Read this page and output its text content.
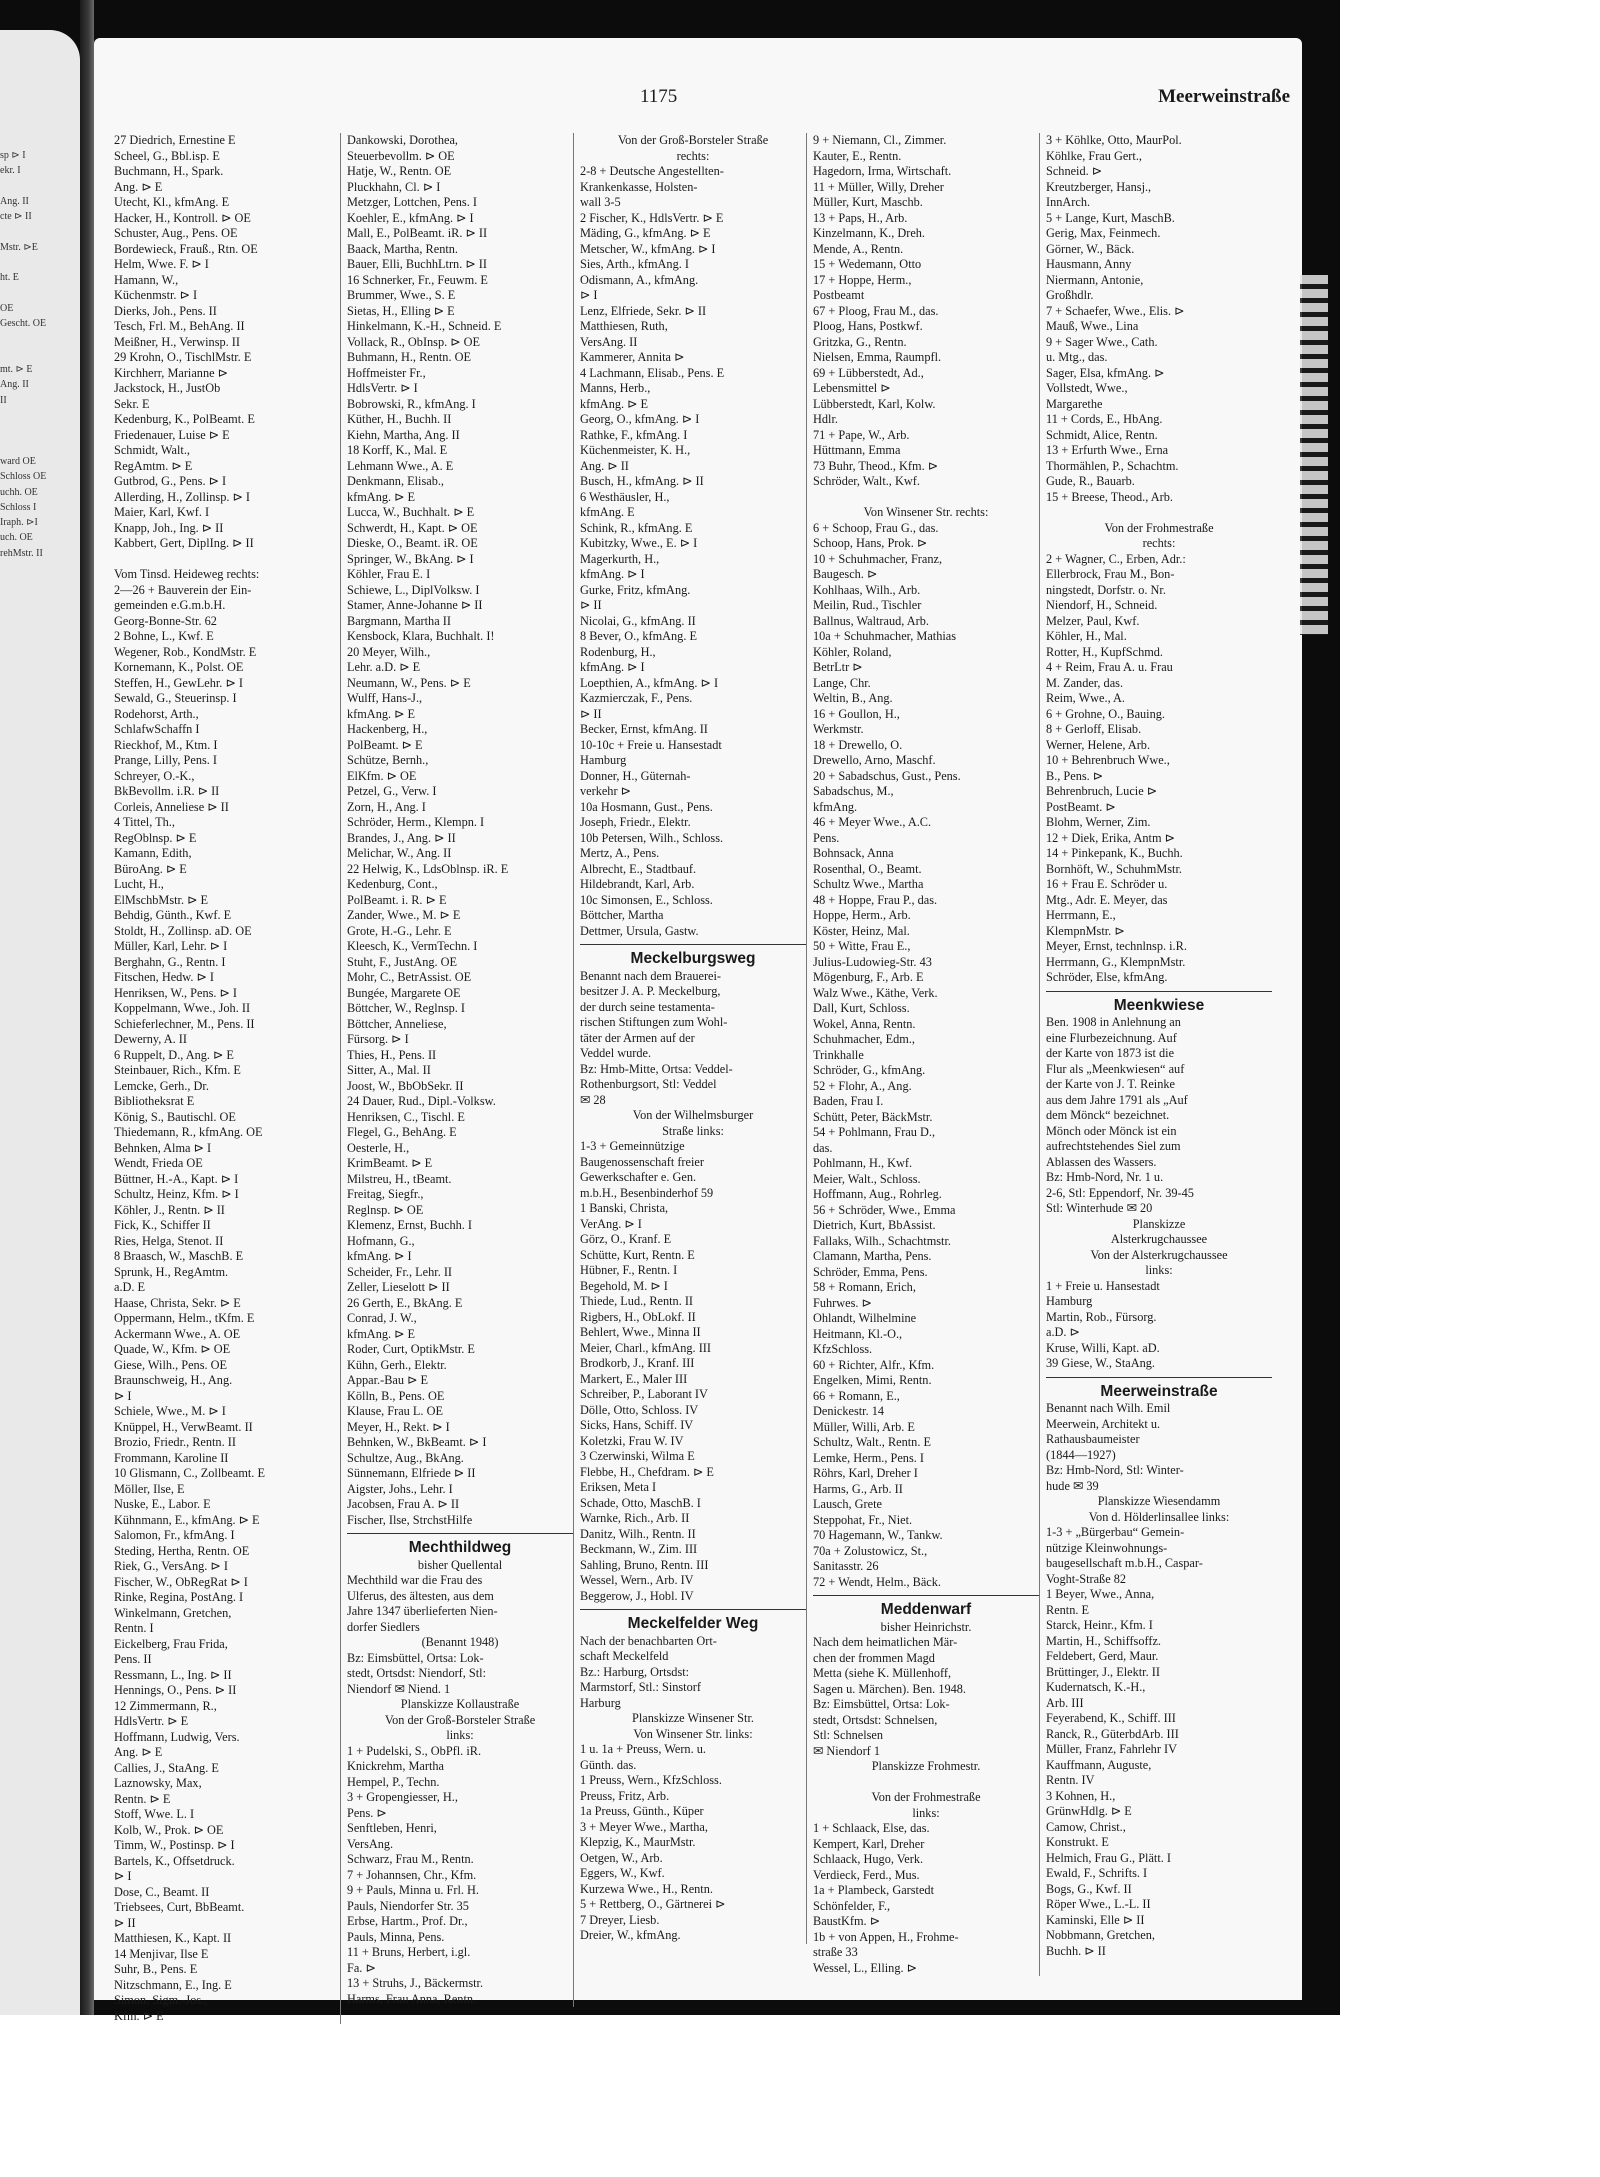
sp ⊳ I
ekr. I

Ang. II
cte ⊳ II

Mstr. ⊳E

ht. E

OE
Gescht. OE

mt. ⊳ E
Ang. II
II

ward OE
Schloss OE
uchh. OE
Schloss I
Iraph. ⊳I
uch. OE
rehMstr. II
1175	Meerweinstraße
27 Diedrich, Ernestine E
Scheel, G., Bbl.isp. E
Buchmann, H., Spark.
Ang. ⊳ E
Utecht, Kl., kfmAng. E
Hacker, H., Kontroll. ⊳ OE
Schuster, Aug., Pens. OE
Bordewieck, Frauß., Rtn. OE
Helm, Wwe. F. ⊳ I
Hamann, W.,
Küchenmstr. ⊳ I
Dierks, Joh., Pens. II
Tesch, Frl. M., BehAng. II
Meißner, H., Verwinsp. II
29 Krohn, O., TischlMstr. E
Kirchherr, Marianne ⊳
Jackstock, H., JustOb
Sekr. E
Kedenburg, K., PolBeamt. E
Friedenauer, Luise ⊳ E
Schmidt, Walt.,
RegAmtm. ⊳ E
Gutbrod, G., Pens. ⊳ I
Allerding, H., Zollinsp. ⊳ I
Maier, Karl, Kwf. I
Knapp, Joh., Ing. ⊳ II
Kabbert, Gert, DiplIng. ⊳ II

Vom Tinsd. Heideweg rechts:
2—26 + Bauverein der Ein-
gemeinden e.G.m.b.H.
Georg-Bonne-Str. 62
2 Bohne, L., Kwf. E
Wegener, Rob., KondMstr. E
Kornemann, K., Polst. OE
Steffen, H., GewLehr. ⊳ I
Sewald, G., Steuerinsp. I
Rodehorst, Arth.,
SchlafwSchaffn I
Rieckhof, M., Ktm. I
Prange, Lilly, Pens. I
Schreyer, O.-K.,
BkBevollm. i.R. ⊳ II
Corleis, Anneliese ⊳ II
4 Tittel, Th.,
RegOblnsp. ⊳ E
Kamann, Edith,
BüroAng. ⊳ E
Lucht, H.,
ElMschbMstr. ⊳ E
Behdig, Günth., Kwf. E
Stoldt, H., Zollinsp. aD. OE
Müller, Karl, Lehr. ⊳ I
Berghahn, G., Rentn. I
Fitschen, Hedw. ⊳ I
Henriksen, W., Pens. ⊳ I
Koppelmann, Wwe., Joh. II
Schieferlechner, M., Pens. II
Dewerny, A. II
6 Ruppelt, D., Ang. ⊳ E
Steinbauer, Rich., Kfm. E
Lemcke, Gerh., Dr.
Bibliotheksrat E
König, S., Bautischl. OE
Thiedemann, R., kfmAng. OE
Behnken, Alma ⊳ I
Wendt, Frieda OE
Büttner, H.-A., Kapt. ⊳ I
Schultz, Heinz, Kfm. ⊳ I
Köhler, J., Rentn. ⊳ II
Fick, K., Schiffer II
Ries, Helga, Stenot. II
8 Braasch, W., MaschB. E
Sprunk, H., RegAmtm.
a.D. E
Haase, Christa, Sekr. ⊳ E
Oppermann, Helm., tKfm. E
Ackermann Wwe., A. OE
Quade, W., Kfm. ⊳ OE
Giese, Wilh., Pens. OE
Braunschweig, H., Ang.
⊳ I
Schiele, Wwe., M. ⊳ I
Knüppel, H., VerwBeamt. II
Brozio, Friedr., Rentn. II
Frommann, Karoline II
10 Glismann, C., Zollbeamt. E
Möller, Ilse, E
Nuske, E., Labor. E
Kühnmann, E., kfmAng. ⊳ E
Salomon, Fr., kfmAng. I
Steding, Hertha, Rentn. OE
Riek, G., VersAng. ⊳ I
Fischer, W., ObRegRat ⊳ I
Rinke, Regina, PostAng. I
Winkelmann, Gretchen,
Rentn. I
Eickelberg, Frau Frida,
Pens. II
Ressmann, L., Ing. ⊳ II
Hennings, O., Pens. ⊳ II
12 Zimmermann, R.,
HdlsVertr. ⊳ E
Hoffmann, Ludwig, Vers.
Ang. ⊳ E
Callies, J., StaAng. E
Laznowsky, Max,
Rentn. ⊳ E
Stoff, Wwe. L. I
Kolb, W., Prok. ⊳ OE
Timm, W., Postinsp. ⊳ I
Bartels, K., Offsetdruck.
⊳ I
Dose, C., Beamt. II
Triebsees, Curt, BbBeamt.
⊳ II
Matthiesen, K., Kapt. II
14 Menjivar, Ilse E
Suhr, B., Pens. E
Nitzschmann, E., Ing. E
Simon, Sigm.-Jos.,
Kfm. ⊳ E
Dankowski, Dorothea,
Steuerbevollm. ⊳ OE
Hatje, W., Rentn. OE
Pluckhahn, Cl. ⊳ I
Metzger, Lottchen, Pens. I
Koehler, E., kfmAng. ⊳ I
Mall, E., PolBeamt. iR. ⊳ II
Baack, Martha, Rentn.
Bauer, Elli, BuchhLtrn. ⊳ II
16 Schnerker, Fr., Feuwm. E
Brummer, Wwe., S. E
Sietas, H., Elling ⊳ E
Hinkelmann, K.-H., Schneid. E
Vollack, R., ObInsp. ⊳ OE
Buhmann, H., Rentn. OE
Hoffmeister Fr.,
HdlsVertr. ⊳ I
Bobrowski, R., kfmAng. I
Küther, H., Buchh. II
Kiehn, Martha, Ang. II
18 Korff, K., Mal. E
Lehmann Wwe., A. E
Denkmann, Elisab.,
kfmAng. ⊳ E
Lucca, W., Buchhalt. ⊳ E
Schwerdt, H., Kapt. ⊳ OE
Dieske, O., Beamt. iR. OE
Springer, W., BkAng. ⊳ I
Köhler, Frau E. I
Schiewe, L., DiplVolksw. I
Stamer, Anne-Johanne ⊳ II
Bargmann, Martha II
Kensbock, Klara, Buchhalt. I!
20 Meyer, Wilh.,
Lehr. a.D. ⊳ E
Neumann, W., Pens. ⊳ E
Wulff, Hans-J.,
kfmAng. ⊳ E
Hackenberg, H.,
PolBeamt. ⊳ E
Schütze, Bernh.,
ElKfm. ⊳ OE
Petzel, G., Verw. I
Zorn, H., Ang. I
Schröder, Herm., Klempn. I
Brandes, J., Ang. ⊳ II
Melichar, W., Ang. II
22 Helwig, K., LdsOblnsp. iR. E
Kedenburg, Cont.,
PolBeamt. i. R. ⊳ E
Zander, Wwe., M. ⊳ E
Grote, H.-G., Lehr. E
Kleesch, K., VermTechn. I
Stuht, F., JustAng. OE
Mohr, C., BetrAssist. OE
Bungée, Margarete OE
Böttcher, W., Reglnsp. I
Böttcher, Anneliese,
Fürsorg. ⊳ I
Thies, H., Pens. II
Sitter, A., Mal. II
Joost, W., BbObSekr. II
24 Dauer, Rud., Dipl.-Volksw.
Henriksen, C., Tischl. E
Flegel, G., BehAng. E
Oesterle, H.,
KrimBeamt. ⊳ E
Milstreu, H., tBeamt.
Freitag, Siegfr.,
Reglnsp. ⊳ OE
Klemenz, Ernst, Buchh. I
Hofmann, G.,
kfmAng. ⊳ I
Scheider, Fr., Lehr. II
Zeller, Lieselott ⊳ II
26 Gerth, E., BkAng. E
Conrad, J. W.,
kfmAng. ⊳ E
Roder, Curt, OptikMstr. E
Kühn, Gerh., Elektr.
Appar.-Bau ⊳ E
Kölln, B., Pens. OE
Klause, Frau L. OE
Meyer, H., Rekt. ⊳ I
Behnken, W., BkBeamt. ⊳ I
Schultze, Aug., BkAng.
Sünnemann, Elfriede ⊳ II
Aigster, Johs., Lehr. I
Jacobsen, Frau A. ⊳ II
Fischer, Ilse, StrchstHilfe
Mechthildweg
bisher Quellental
Mechthild war die Frau des
Ulferus, des ältesten, aus dem
Jahre 1347 überlieferten Nien-
dorfer Siedlers
(Benannt 1948)
Bz: Eimsbüttel, Ortsa: Lok-
stedt, Ortsdst: Niendorf, Stl:
Niendorf ✉ Niend. 1
Planskizze Kollaustraße
Von der Groß-Borsteler Straße
links:
1 + Pudelski, S., ObPfl. iR.
Knickrehm, Martha
Hempel, P., Techn.
3 + Gropengiesser, H.,
Pens. ⊳
Senftleben, Henri,
VersAng.
Schwarz, Frau M., Rentn.
7 + Johannsen, Chr., Kfm.
9 + Pauls, Minna u. Frl. H.
Pauls, Niendorfer Str. 35
Erbse, Hartm., Prof. Dr.,
Pauls, Minna, Pens.
11 + Bruns, Herbert, i.gl.
Fa. ⊳
13 + Struhs, J., Bäckermstr.
Harms, Frau Anna, Rentn.
Von der Groß-Borsteler Straße
rechts:
2-8 + Deutsche Angestellten-
Krankenkasse, Holsten-
wall 3-5
2 Fischer, K., HdlsVertr. ⊳ E
Mäding, G., kfmAng. ⊳ E
Metscher, W., kfmAng. ⊳ I
Sies, Arth., kfmAng. I
Odismann, A., kfmAng.
⊳ I
Lenz, Elfriede, Sekr. ⊳ II
Matthiesen, Ruth,
VersAng. II
Kammerer, Annita ⊳
4 Lachmann, Elisab., Pens. E
Manns, Herb.,
kfmAng. ⊳ E
Georg, O., kfmAng. ⊳ I
Rathke, F., kfmAng. I
Küchenmeister, K. H.,
Ang. ⊳ II
Busch, H., kfmAng. ⊳ II
6 Westhäusler, H.,
kfmAng. E
Schink, R., kfmAng. E
Kubitzky, Wwe., E. ⊳ I
Magerkurth, H.,
kfmAng. ⊳ I
Gurke, Fritz, kfmAng.
⊳ II
Nicolai, G., kfmAng. II
8 Bever, O., kfmAng. E
Rodenburg, H.,
kfmAng. ⊳ I
Loepthien, A., kfmAng. ⊳ I
Kazmierczak, F., Pens.
⊳ II
Becker, Ernst, kfmAng. II
10-10c + Freie u. Hansestadt
Hamburg
Donner, H., Güternah-
verkehr ⊳
10a Hosmann, Gust., Pens.
Joseph, Friedr., Elektr.
10b Petersen, Wilh., Schloss.
Mertz, A., Pens.
Albrecht, E., Stadtbauf.
Hildebrandt, Karl, Arb.
10c Simonsen, E., Schloss.
Böttcher, Martha
Dettmer, Ursula, Gastw.
Meckelburgsweg
Benannt nach dem Brauerei-
besitzer J. A. P. Meckelburg,
der durch seine testamenta-
rischen Stiftungen zum Wohl-
täter der Armen auf der
Veddel wurde.
Bz: Hmb-Mitte, Ortsa: Veddel-
Rothenburgsort, Stl: Veddel
✉ 28
Von der Wilhelmsburger
Straße links:
1-3 + Gemeinnützige
Baugenossenschaft freier
Gewerkschafter e. Gen.
m.b.H., Besenbinderhof 59
1 Banski, Christa,
VerAng. ⊳ I
Görz, O., Kranf. E
Schütte, Kurt, Rentn. E
Hübner, F., Rentn. I
Begehold, M. ⊳ I
Thiede, Lud., Rentn. II
Rigbers, H., ObLokf. II
Behlert, Wwe., Minna II
Meier, Charl., kfmAng. III
Brodkorb, J., Kranf. III
Markert, E., Maler III
Schreiber, P., Laborant IV
Dölle, Otto, Schloss. IV
Sicks, Hans, Schiff. IV
Koletzki, Frau W. IV
3 Czerwinski, Wilma E
Flebbe, H., Chefdram. ⊳ E
Eriksen, Meta I
Schade, Otto, MaschB. I
Warnke, Rich., Arb. II
Danitz, Wilh., Rentn. II
Beckmann, W., Zim. III
Sahling, Bruno, Rentn. III
Wessel, Wern., Arb. IV
Beggerow, J., Hobl. IV
Meckelfelder Weg
Nach der benachbarten Ort-
schaft Meckelfeld
Bz.: Harburg, Ortsdst:
Marmstorf, Stl.: Sinstorf
Harburg
Planskizze Winsener Str.
Von Winsener Str. links:
1 u. 1a + Preuss, Wern. u.
Günth. das.
1 Preuss, Wern., KfzSchloss.
Preuss, Fritz, Arb.
1a Preuss, Günth., Küper
3 + Meyer Wwe., Martha,
Klepzig, K., MaurMstr.
Oetgen, W., Arb.
Eggers, W., Kwf.
Kurzewa Wwe., H., Rentn.
5 + Rettberg, O., Gärtnerei ⊳
7 Dreyer, Liesb.
Dreier, W., kfmAng.
9 + Niemann, Cl., Zimmer.
Kauter, E., Rentn.
Hagedorn, Irma, Wirtschaft.
11 + Müller, Willy, Dreher
Müller, Kurt, Maschb.
13 + Paps, H., Arb.
Kinzelmann, K., Dreh.
Mende, A., Rentn.
15 + Wedemann, Otto
17 + Hoppe, Herm.,
Postbeamt
67 + Ploog, Frau M., das.
Ploog, Hans, Postkwf.
Gritzka, G., Rentn.
Nielsen, Emma, Raumpfl.
69 + Lübberstedt, Ad.,
Lebensmittel ⊳
Lübberstedt, Karl, Kolw.
Hdlr.
71 + Pape, W., Arb.
Hüttmann, Emma
73 Buhr, Theod., Kfm. ⊳
Schröder, Walt., Kwf.

Von Winsener Str. rechts:
6 + Schoop, Frau G., das.
Schoop, Hans, Prok. ⊳
10 + Schuhmacher, Franz,
Baugesch. ⊳
Kohlhaas, Wilh., Arb.
Meilin, Rud., Tischler
Ballnus, Waltraud, Arb.
10a + Schuhmacher, Mathias
Köhler, Roland,
BetrLtr ⊳
Lange, Chr.
Weltin, B., Ang.
16 + Goullon, H.,
Werkmstr.
18 + Drewello, O.
Drewello, Arno, Maschf.
20 + Sabadschus, Gust., Pens.
Sabadschus, M.,
kfmAng.
46 + Meyer Wwe., A.C.
Pens.
Bohnsack, Anna
Rosenthal, O., Beamt.
Schultz Wwe., Martha
48 + Hoppe, Frau P., das.
Hoppe, Herm., Arb.
Köster, Heinz, Mal.
50 + Witte, Frau E.,
Julius-Ludowieg-Str. 43
Mögenburg, F., Arb. E
Walz Wwe., Käthe, Verk.
Dall, Kurt, Schloss.
Wokel, Anna, Rentn.
Schuhmacher, Edm.,
Trinkhalle
Schröder, G., kfmAng.
52 + Flohr, A., Ang.
Baden, Frau I.
Schütt, Peter, BäckMstr.
54 + Pohlmann, Frau D.,
das.
Pohlmann, H., Kwf.
Meier, Walt., Schloss.
Hoffmann, Aug., Rohrleg.
56 + Schröder, Wwe., Emma
Dietrich, Kurt, BbAssist.
Fallaks, Wilh., Schachtmstr.
Clamann, Martha, Pens.
Schröder, Emma, Pens.
58 + Romann, Erich,
Fuhrwes. ⊳
Ohlandt, Wilhelmine
Heitmann, Kl.-O.,
KfzSchloss.
60 + Richter, Alfr., Kfm.
Engelken, Mimi, Rentn.
66 + Romann, E.,
Denickestr. 14
Müller, Willi, Arb. E
Schultz, Walt., Rentn. E
Lemke, Herm., Pens. I
Röhrs, Karl, Dreher I
Harms, G., Arb. II
Lausch, Grete
Steppohat, Fr., Niet.
70 Hagemann, W., Tankw.
70a + Zolustowicz, St.,
Sanitasstr. 26
72 + Wendt, Helm., Bäck.
Meddenwarf
bisher Heinrichstr.
Nach dem heimatlichen Mär-
chen der frommen Magd
Metta (siehe K. Müllenhoff,
Sagen u. Märchen). Ben. 1948.
Bz: Eimsbüttel, Ortsa: Lok-
stedt, Ortsdst: Schnelsen,
Stl: Schnelsen
✉ Niendorf 1
Planskizze Frohmestr.

Von der Frohmestraße
links:
1 + Schlaack, Else, das.
Kempert, Karl, Dreher
Schlaack, Hugo, Verk.
Verdieck, Ferd., Mus.
1a + Plambeck, Garstedt
Schönfelder, F.,
BaustKfm. ⊳
1b + von Appen, H., Frohme-
straße 33
Wessel, L., Elling. ⊳
3 + Köhlke, Otto, MaurPol.
Köhlke, Frau Gert.,
Schneid. ⊳
Kreutzberger, Hansj.,
InnArch.
5 + Lange, Kurt, MaschB.
Gerig, Max, Feinmech.
Görner, W., Bäck.
Hausmann, Anny
Niermann, Antonie,
Großhdlr.
7 + Schaefer, Wwe., Elis. ⊳
Mauß, Wwe., Lina
9 + Sager Wwe., Cath.
u. Mtg., das.
Sager, Elsa, kfmAng. ⊳
Vollstedt, Wwe.,
Margarethe
11 + Cords, E., HbAng.
Schmidt, Alice, Rentn.
13 + Erfurth Wwe., Erna
Thormählen, P., Schachtm.
Gude, R., Bauarb.
15 + Breese, Theod., Arb.

Von der Frohmestraße
rechts:
2 + Wagner, C., Erben, Adr.:
Ellerbrock, Frau M., Bon-
ningstedt, Dorfstr. o. Nr.
Niendorf, H., Schneid.
Melzer, Paul, Kwf.
Köhler, H., Mal.
Rotter, H., KupfSchmd.
4 + Reim, Frau A. u. Frau
M. Zander, das.
Reim, Wwe., A.
6 + Grohne, O., Bauing.
8 + Gerloff, Elisab.
Werner, Helene, Arb.
10 + Behrenbruch Wwe.,
B., Pens. ⊳
Behrenbruch, Lucie ⊳
PostBeamt. ⊳
Blohm, Werner, Zim.
12 + Diek, Erika, Antm ⊳
14 + Pinkepank, K., Buchh.
Bornhöft, W., SchuhmMstr.
16 + Frau E. Schröder u.
Mtg., Adr. E. Meyer, das
Herrmann, E.,
KlempnMstr. ⊳
Meyer, Ernst, technlnsp. i.R.
Herrmann, G., KlempnMstr.
Schröder, Else, kfmAng.
Meenkwiese
Ben. 1908 in Anlehnung an
eine Flurbezeichnung. Auf
der Karte von 1873 ist die
Flur als „Meenkwiesen“ auf
der Karte von J. T. Reinke
aus dem Jahre 1791 als „Auf
dem Mönck“ bezeichnet.
Mönch oder Mönck ist ein
aufrechtstehendes Siel zum
Ablassen des Wassers.
Bz: Hmb-Nord, Nr. 1 u.
2-6, Stl: Eppendorf, Nr. 39-45
Stl: Winterhude ✉ 20
Planskizze
Alsterkrugchaussee
Von der Alsterkrugchaussee
links:
1 + Freie u. Hansestadt
Hamburg
Martin, Rob., Fürsorg.
a.D. ⊳
Kruse, Willi, Kapt. aD.
39 Giese, W., StaAng.
Meerweinstraße
Benannt nach Wilh. Emil
Meerwein, Architekt u.
Rathausbaumeister
(1844—1927)
Bz: Hmb-Nord, Stl: Winter-
hude ✉ 39
Planskizze Wiesendamm
Von d. Hölderlinsallee links:
1-3 + „Bürgerbau“ Gemein-
nützige Kleinwohnungs-
baugesellschaft m.b.H., Caspar-
Voght-Straße 82
1 Beyer, Wwe., Anna,
Rentn. E
Starck, Heinr., Kfm. I
Martin, H., Schiffsoffz.
Feldebert, Gerd, Maur.
Brüttinger, J., Elektr. II
Kudernatsch, K.-H.,
Arb. III
Feyerabend, K., Schiff. III
Ranck, R., GüterbdArb. III
Müller, Franz, Fahrlehr IV
Kauffmann, Auguste,
Rentn. IV
3 Kohnen, H.,
GrünwHdlg. ⊳ E
Camow, Christ.,
Konstrukt. E
Helmich, Frau G., Plätt. I
Ewald, F., Schrifts. I
Bogs, G., Kwf. II
Röper Wwe., L.-L. II
Kaminski, Elle ⊳ II
Nobbmann, Gretchen,
Buchh. ⊳ II
